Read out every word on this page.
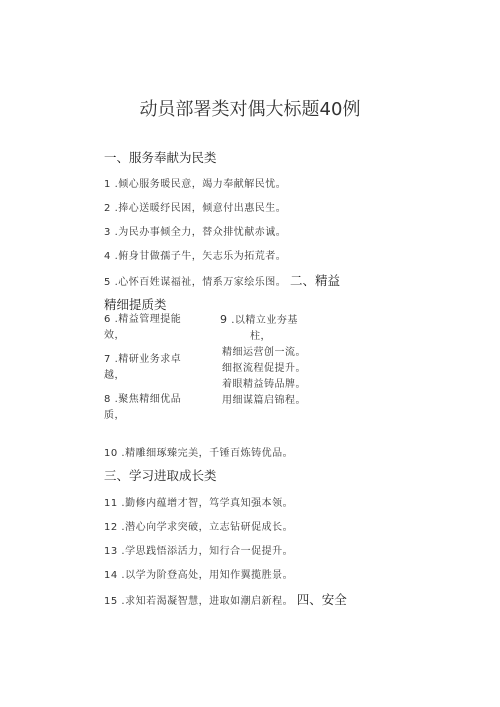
动员部署类对偶大标题40例
一、服务奉献为民类
1 .倾心服务暖民意，竭力奉献解民忧。
2 .捧心送暖纾民困，倾意付出惠民生。
3 .为民办事倾全力，替众排忧献赤诚。
4 .俯身甘做孺子牛，矢志乐为拓荒者。
5 .心怀百姓谋福祉，情系万家绘乐图。 二、精益
精细提质类
6 .精益管理提能
效，
7 .精研业务求卓
越，
8 .聚焦精细优品
质，
9 .以精立业夯基
柱，
精细运营创一流。
细抠流程促提升。
着眼精益铸品牌。
用细谋篇启锦程。
10 .精雕细琢臻完美，千锤百炼铸优品。
三、学习进取成长类
11 .勤修内蕴增才智，笃学真知强本领。
12 .潜心向学求突破，立志钻研促成长。
13 .学思践悟添活力，知行合一促提升。
14 .以学为阶登高处，用知作翼揽胜景。
15 .求知若渴凝智慧，进取如潮启新程。 四、安全
